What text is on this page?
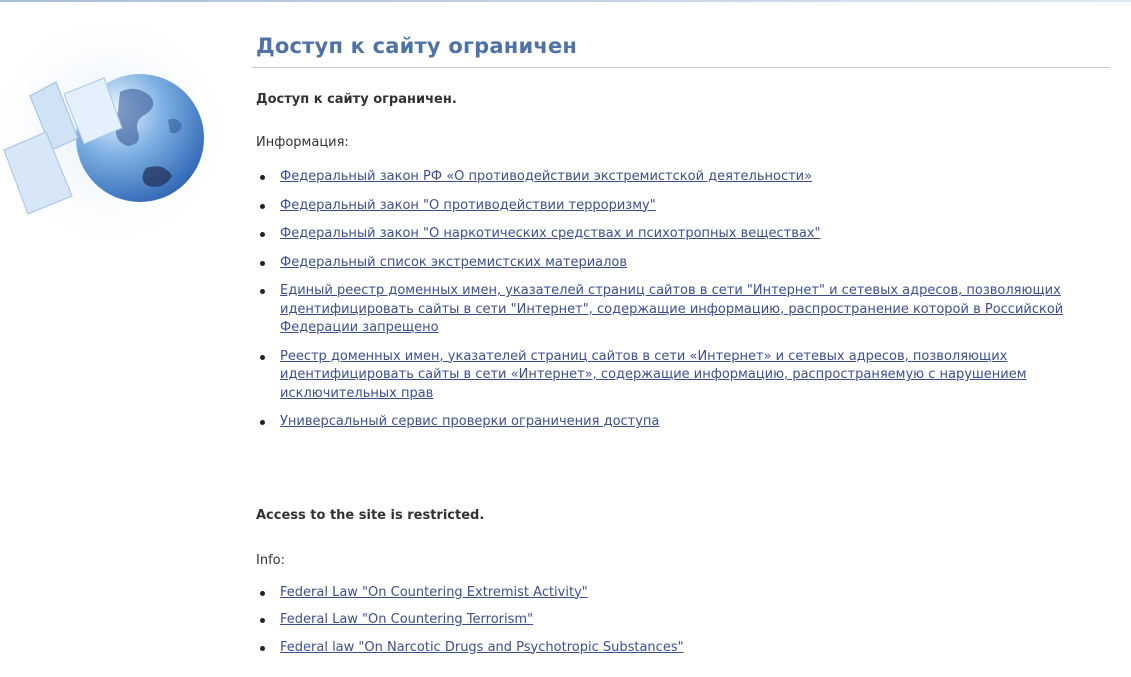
Доступ к сайту ограничен
Доступ к сайту ограничен.
Информация:
Федеральный закон РФ «О противодействии экстремистской деятельности»
Федеральный закон "О противодействии терроризму"
Федеральный закон "О наркотических средствах и психотропных веществах"
Федеральный список экстремистских материалов
Единый реестр доменных имен, указателей страниц сайтов в сети "Интернет" и сетевых адресов, позволяющих идентифицировать сайты в сети "Интернет", содержащие информацию, распространение которой в Российской Федерации запрещено
Реестр доменных имен, указателей страниц сайтов в сети «Интернет» и сетевых адресов, позволяющих идентифицировать сайты в сети «Интернет», содержащие информацию, распространяемую с нарушением исключительных прав
Универсальный сервис проверки ограничения доступа
Access to the site is restricted.
Info:
Federal Law "On Countering Extremist Activity"
Federal Law "On Countering Terrorism"
Federal law "On Narcotic Drugs and Psychotropic Substances"
